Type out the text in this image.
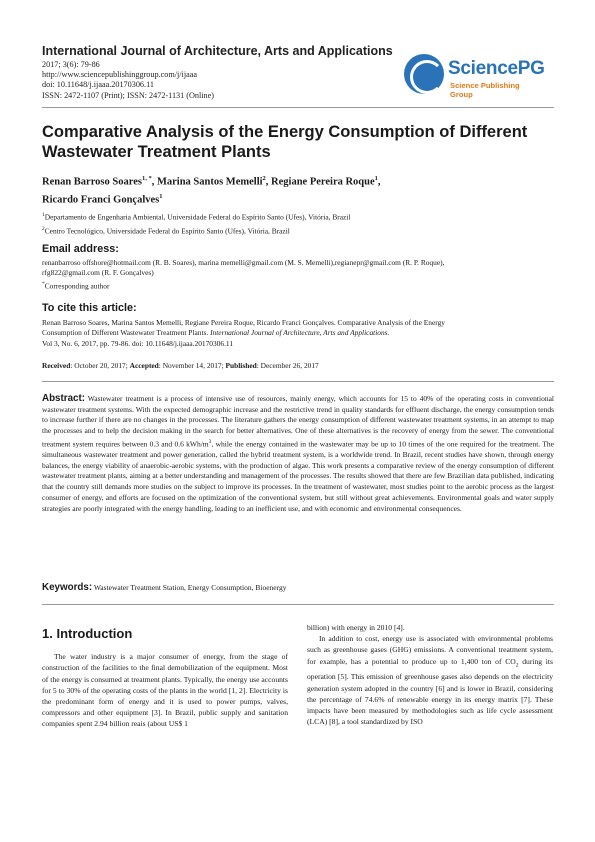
International Journal of Architecture, Arts and Applications
2017; 3(6): 79-86
http://www.sciencepublishinggroup.com/j/ijaaa
doi: 10.11648/j.ijaaa.20170306.11
ISSN: 2472-1107 (Print); ISSN: 2472-1131 (Online)
SciencePG
Science Publishing Group
Comparative Analysis of the Energy Consumption of Different Wastewater Treatment Plants
Renan Barroso Soares$^{1, *}$, Marina Santos Memelli$^2$, Regiane Pereira Roque$^1$,
Ricardo Franci Gonçalves$^1$
$^1$Departamento de Engenharia Ambiental, Universidade Federal do Espírito Santo (Ufes), Vitória, Brazil
$^2$Centro Tecnológico, Universidade Federal do Espírito Santo (Ufes), Vitória, Brazil
Email address:
renanbarroso offshore@hotmail.com (R. B. Soares), marina memelli@gmail.com (M. S. Memelli),regianepr@gmail.com (R. P. Roque),
rfg822@gmail.com (R. F. Gonçalves)
*Corresponding author
To cite this article:
Renan Barroso Soares, Marina Santos Memelli, Regiane Pereira Roque, Ricardo Franci Gonçalves. Comparative Analysis of the Energy
Consumption of Different Wastewater Treatment Plants. International Journal of Architecture, Arts and Applications.
Vol 3, No. 6, 2017, pp. 79-86. doi: 10.11648/j.ijaaa.20170306.11
Received: October 20, 2017; Accepted: November 14, 2017; Published: December 26, 2017
Abstract: Wastewater treatment is a process of intensive use of resources, mainly energy, which accounts for 15 to 40% of the operating costs in conventional wastewater treatment systems. With the expected demographic increase and the restrictive trend in quality standards for effluent discharge, the energy consumption tends to increase further if there are no changes in the processes. The literature gathers the energy consumption of different wastewater treatment systems, in an attempt to map the processes and to help the decision making in the search for better alternatives. One of these alternatives is the recovery of energy from the sewer. The conventional treatment system requires between 0.3 and 0.6 kWh/$m^3$, while the energy contained in the wastewater may be up to 10 times of the one required for the treatment. The simultaneous wastewater treatment and power generation, called the hybrid treatment system, is a worldwide trend. In Brazil, recent studies have shown, through energy balances, the energy viability of anaerobic-aerobic systems, with the production of algae. This work presents a comparative review of the energy consumption of different wastewater treatment plants, aiming at a better understanding and management of the processes. The results showed that there are few Brazilian data published, indicating that the country still demands more studies on the subject to improve its processes. In the treatment of wastewater, most studies point to the aerobic process as the largest consumer of energy, and efforts are focused on the optimization of the conventional system, but still without great achievements. Environmental goals and water supply strategies are poorly integrated with the energy handling, leading to an inefficient use, and with economic and environmental consequences.
Keywords: Wastewater Treatment Station, Energy Consumption, Bioenergy
1. Introduction

The water industry is a major consumer of energy, from the stage of construction of the facilities to the final demobilization of the equipment. Most of the energy is consumed at treatment plants. Typically, the energy use accounts for 5 to 30% of the operating costs of the plants in the world [1, 2]. Electricity is the predominant form of energy and it is used to power pumps, valves, compressors and other equipment [3]. In Brazil, public supply and sanitation companies spent 2.94 billion reais (about US$ 1

billion) with energy in 2010 [4].

In addition to cost, energy use is associated with environmental problems such as greenhouse gases (GHG) emissions. A conventional treatment system, for example, has a potential to produce up to 1,400 ton of $CO_2$ during its operation [5]. This emission of greenhouse gases also depends on the electricity generation system adopted in the country [6] and is lower in Brazil, considering the percentage of 74.6% of renewable energy in its energy matrix [7]. These impacts have been measured by methodologies such as life cycle assessment (LCA) [8], a tool standardized by ISO
